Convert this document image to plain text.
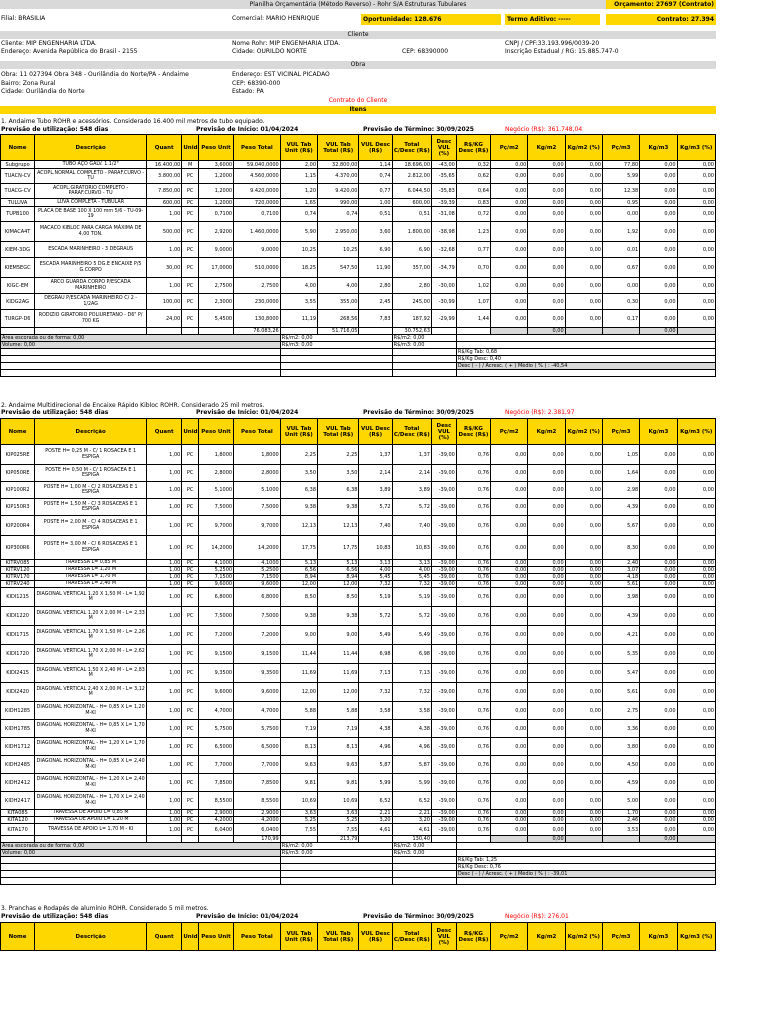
Planilha Orçamentária (Método Reverso) - Rohr S/A Estruturas Tubulares	Orçamento: 27697 (Contrato)
Filial: BRASÍLIA	Comercial: MARIO HENRIQUE	Oportunidade: 128.676	Termo Aditivo: -----	Contrato: 27.394
Cliente
Cliente: MIP ENGENHARIA LTDA.
Endereço: Avenida República do Brasil - 2155
Nome Rohr: MIP ENGENHARIA LTDA.
Cidade: OURILDO NORTE	CEP: 68390000
CNPJ / CPF:33.193.996/0039-20
Inscrição Estadual / RG: 15.885.747-0
Obra
Obra: 11 027394 Obra 348 - Ourilândia do Norte/PA - Andaime
Bairro: Zona Rural
Cidade: Ourilândia do Norte
Endereço: EST VICINAL PICADAO
CEP: 68390-000
Estado: PA
Contrato do Cliente
Itens
1. Andaime Tubo ROHR e acessórios. Considerado 16.400 mil metros de tubo equipado.
Previsão de utilização: 548 dias	Previsão de Início: 01/04/2024	Previsão de Término: 30/09/2025	Negócio (R$): 361.748,04
Nome	Descrição	Quant	Unid	Peso Unit	Peso Total	VUL Tab Unit (R$)	VUL Tab Total (R$)	VUL Desc (R$)	Total C/Desc (R$)	Desc VUL (%)	R$/KG Desc (R$)	Pç/m2	Kg/m2	Kg/m2 (%)	Pç/m3	Kg/m3	Kg/m3 (%)
Subgrupo	TUBO AÇO GALV. 1.1/2"	16.400,00	M	3,6000	59.040,0000	2,00	32.800,00	1,14	18.696,00	-43,00	0,32	0,00	0,00	0,00	77,80	0,00	0,00
TUACN-CV	ACOPL.NORMAL COMPLETO - PARAF.CURVO - TU	3.800,00	PC	1,2000	4.560,0000	1,15	4.370,00	0,74	2.812,00	-35,65	0,62	0,00	0,00	0,00	5,99	0,00	0,00
TUACG-CV	ACOPL.GIRATORIO COMPLETO - PARAF.CURVO - TU	7.850,00	PC	1,2000	9.420,0000	1,20	9.420,00	0,77	6.044,50	-35,83	0,64	0,00	0,00	0,00	12,38	0,00	0,00
TULUVA	LUVA COMPLETA - TUBULAR	600,00	PC	1,2000	720,0000	1,65	990,00	1,00	600,00	-39,39	0,83	0,00	0,00	0,00	0,95	0,00	0,00
TUPB100	PLACA DE BASE 100 X 100 mm 5/6 - TU-09-19	1,00	PC	0,7100	0,7100	0,74	0,74	0,51	0,51	-31,08	0,72	0,00	0,00	0,00	0,00	0,00	0,00
KIMACA4T	MACACO KIBLOC PARA CARGA MÁXIMA DE 4,00 TON.	500,00	PC	2,9200	1.460,0000	5,90	2.950,00	3,60	1.800,00	-38,98	1,23	0,00	0,00	0,00	1,92	0,00	0,00
KIEM-3DG	ESCADA MARINHEIRO - 3 DEGRAUS	1,00	PC	9,0000	9,0000	10,25	10,25	6,90	6,90	-32,68	0,77	0,00	0,00	0,00	0,01	0,00	0,00
KIEM5EGC	ESCADA MARINHEIRO 5 DG.E ENCAIXE P/5 G.CORPO	30,00	PC	17,0000	510,0000	18,25	547,50	11,90	357,00	-34,79	0,70	0,00	0,00	0,00	0,67	0,00	0,00
KIGC-EM	ARCO GUARDA CORPO P/ESCADA MARINHEIRO	1,00	PC	2,7500	2,7500	4,00	4,00	2,80	2,80	-30,00	1,02	0,00	0,00	0,00	0,00	0,00	0,00
KIDG2AG	DEGRAU P/ESCADA MARINHEIRO C/ 2 - 1/2AG	100,00	PC	2,3000	230,0000	3,55	355,00	2,45	245,00	-30,99	1,07	0,00	0,00	0,00	0,30	0,00	0,00
TURGP-D6	RODIZIO GIRATORIO POLIURETANO - D6" P/ 700 KG	24,00	PC	5,4500	130,8000	11,19	268,56	7,83	187,92	-29,99	1,44	0,00	0,00	0,00	0,17	0,00	0,00
					76.083,26		51.716,05		30.752,63				0,00			0,00	
Área escorada ou de forma: 0,00						R$/m2: 0,00			R$/m2: 0,00								
Volume: 0,00						R$/m3: 0,00			R$/m3: 0,00								
											R$/Kg Tab: 0,68						
											R$/Kg Desc: 0,40						
											Desc ( - ) / Acresc. ( + ) Médio ( % ) : -40,54						

2. Andaime Multidirecional de Encaixe Rápido Kibloc ROHR. Considerado 25 mil metros.
Previsão de utilização: 548 dias	Previsão de Início: 01/04/2024	Previsão de Término: 30/09/2025	Negócio (R$): 2.381,97
Nome	Descrição	Quant	Unid	Peso Unit	Peso Total	VUL Tab Unit (R$)	VUL Tab Total (R$)	VUL Desc (R$)	Total C/Desc (R$)	Desc VUL (%)	R$/KG Desc (R$)	Pç/m2	Kg/m2	Kg/m2 (%)	Pç/m3	Kg/m3	Kg/m3 (%)
KIP025RE	POSTE H= 0,25 M - C/ 1 ROSACEA E 1 ESPIGA	1,00	PC	1,8000	1,8000	2,25	2,25	1,37	1,37	-39,00	0,76	0,00	0,00	0,00	1,05	0,00	0,00
KIP050RE	POSTE H= 0,50 M - C/ 1 ROSACEA E 1 ESPIGA	1,00	PC	2,8000	2,8000	3,50	3,50	2,14	2,14	-39,00	0,76	0,00	0,00	0,00	1,64	0,00	0,00
KIP100R2	POSTE H= 1,00 M - C/ 2 ROSACEAS E 1 ESPIGA	1,00	PC	5,1000	5,1000	6,38	6,38	3,89	3,89	-39,00	0,76	0,00	0,00	0,00	2,98	0,00	0,00
KIP150R3	POSTE H= 1,50 M - C/ 3 ROSACEAS E 1 ESPIGA	1,00	PC	7,5000	7,5000	9,38	9,38	5,72	5,72	-39,00	0,76	0,00	0,00	0,00	4,39	0,00	0,00
KIP200R4	POSTE H= 2,00 M - C/ 4 ROSACEAS E 1 ESPIGA	1,00	PC	9,7000	9,7000	12,13	12,13	7,40	7,40	-39,00	0,76	0,00	0,00	0,00	5,67	0,00	0,00
KIP300R6	POSTE H= 3,00 M - C/ 6 ROSACEAS E 1 ESPIGA	1,00	PC	14,2000	14,2000	17,75	17,75	10,83	10,83	-39,00	0,76	0,00	0,00	0,00	8,30	0,00	0,00
KITRV085	TRAVESSA L= 0,85 M	1,00	PC	4,1000	4,1000	5,13	5,13	3,13	3,13	-39,00	0,76	0,00	0,00	0,00	2,40	0,00	0,00
KITRV120	TRAVESSA L= 1,20 M	1,00	PC	5,2500	5,2500	6,56	6,56	4,00	4,00	-39,00	0,76	0,00	0,00	0,00	3,07	0,00	0,00
KITRV170	TRAVESSA L= 1,70 M	1,00	PC	7,1500	7,1500	8,94	8,94	5,45	5,45	-39,00	0,76	0,00	0,00	0,00	4,18	0,00	0,00
KITRV240	TRAVESSA L= 2,40 M	1,00	PC	9,6000	9,6000	12,00	12,00	7,32	7,32	-39,00	0,76	0,00	0,00	0,00	5,61	0,00	0,00
KIDI1215	DIAGONAL VERTICAL 1,20 X 1,50 M - L= 1,92 M	1,00	PC	6,8000	6,8000	8,50	8,50	5,19	5,19	-39,00	0,76	0,00	0,00	0,00	3,98	0,00	0,00
KIDI1220	DIAGONAL VERTICAL 1,20 X 2,00 M - L= 2,33 M	1,00	PC	7,5000	7,5000	9,38	9,38	5,72	5,72	-39,00	0,76	0,00	0,00	0,00	4,39	0,00	0,00
KIDI1715	DIAGONAL VERTICAL 1,70 X 1,50 M - L= 2,26 M	1,00	PC	7,2000	7,2000	9,00	9,00	5,49	5,49	-39,00	0,76	0,00	0,00	0,00	4,21	0,00	0,00
KIDI1720	DIAGONAL VERTICAL 1,70 X 2,00 M - L= 2,62 M	1,00	PC	9,1500	9,1500	11,44	11,44	6,98	6,98	-39,00	0,76	0,00	0,00	0,00	5,35	0,00	0,00
KIDI2415	DIAGONAL VERTICAL 1,50 X 2,40 M - L= 2,83 M	1,00	PC	9,3500	9,3500	11,69	11,69	7,13	7,13	-39,00	0,76	0,00	0,00	0,00	5,47	0,00	0,00
KIDI2420	DIAGONAL VERTICAL 2,40 X 2,00 M - L= 3,12 M	1,00	PC	9,6000	9,6000	12,00	12,00	7,32	7,32	-39,00	0,76	0,00	0,00	0,00	5,61	0,00	0,00
KIDH1285	DIAGONAL HORIZONTAL - H= 0,85 X L= 1,20 M-KI	1,00	PC	4,7000	4,7000	5,88	5,88	3,58	3,58	-39,00	0,76	0,00	0,00	0,00	2,75	0,00	0,00
KIDH1785	DIAGONAL HORIZONTAL - H= 0,85 X L= 1,70 M-KI	1,00	PC	5,7500	5,7500	7,19	7,19	4,38	4,38	-39,00	0,76	0,00	0,00	0,00	3,36	0,00	0,00
KIDH1712	DIAGONAL HORIZONTAL - H= 1,20 X L= 1,70 M-KI	1,00	PC	6,5000	6,5000	8,13	8,13	4,96	4,96	-39,00	0,76	0,00	0,00	0,00	3,80	0,00	0,00
KIDH2485	DIAGONAL HORIZONTAL - H= 0,85 X L= 2,40 M-KI	1,00	PC	7,7000	7,7000	9,63	9,63	5,87	5,87	-39,00	0,76	0,00	0,00	0,00	4,50	0,00	0,00
KIDH2412	DIAGONAL HORIZONTAL - H= 1,20 X L= 2,40 M-KI	1,00	PC	7,8500	7,8500	9,81	9,81	5,99	5,99	-39,00	0,76	0,00	0,00	0,00	4,59	0,00	0,00
KIDH2417	DIAGONAL HORIZONTAL - H= 1,70 X L= 2,40 M-KI	1,00	PC	8,5500	8,5500	10,69	10,69	6,52	6,52	-39,00	0,76	0,00	0,00	0,00	5,00	0,00	0,00
KITA085	TRAVESSA DE APOIO L= 0,85 M	1,00	PC	2,9000	2,9000	3,63	3,63	2,21	2,21	-39,00	0,76	0,00	0,00	0,00	1,70	0,00	0,00
KITA120	TRAVESSA DE APOIO L= 1,20 M	1,00	PC	4,2000	4,2000	5,25	5,25	3,20	3,20	-39,00	0,76	0,00	0,00	0,00	2,46	0,00	0,00
KITA170	TRAVESSA DE APOIO L= 1,70 M - KI	1,00	PC	6,0400	6,0400	7,55	7,55	4,61	4,61	-39,00	0,76	0,00	0,00	0,00	3,53	0,00	0,00
					170,99		213,79		130,40				0,00			0,00	
Área escorada ou de forma: 0,00						R$/m2: 0,00			R$/m2: 0,00								
Volume: 0,00						R$/m3: 0,00			R$/m3: 0,00								
											R$/Kg Tab: 1,25						
											R$/Kg Desc: 0,76						
											Desc ( - ) / Acresc. ( + ) Médio ( % ) : -39,01						

3. Pranchas e Rodapés de alumínio ROHR. Considerado 5 mil metros.
Previsão de utilização: 548 dias	Previsão de Início: 01/04/2024	Previsão de Término: 30/09/2025	Negócio (R$): 276,01
Nome	Descrição	Quant	Unid	Peso Unit	Peso Total	VUL Tab Unit (R$)	VUL Tab Total (R$)	VUL Desc (R$)	Total C/Desc (R$)	Desc VUL (%)	R$/KG Desc (R$)	Pç/m2	Kg/m2	Kg/m2 (%)	Pç/m3	Kg/m3	Kg/m3 (%)
